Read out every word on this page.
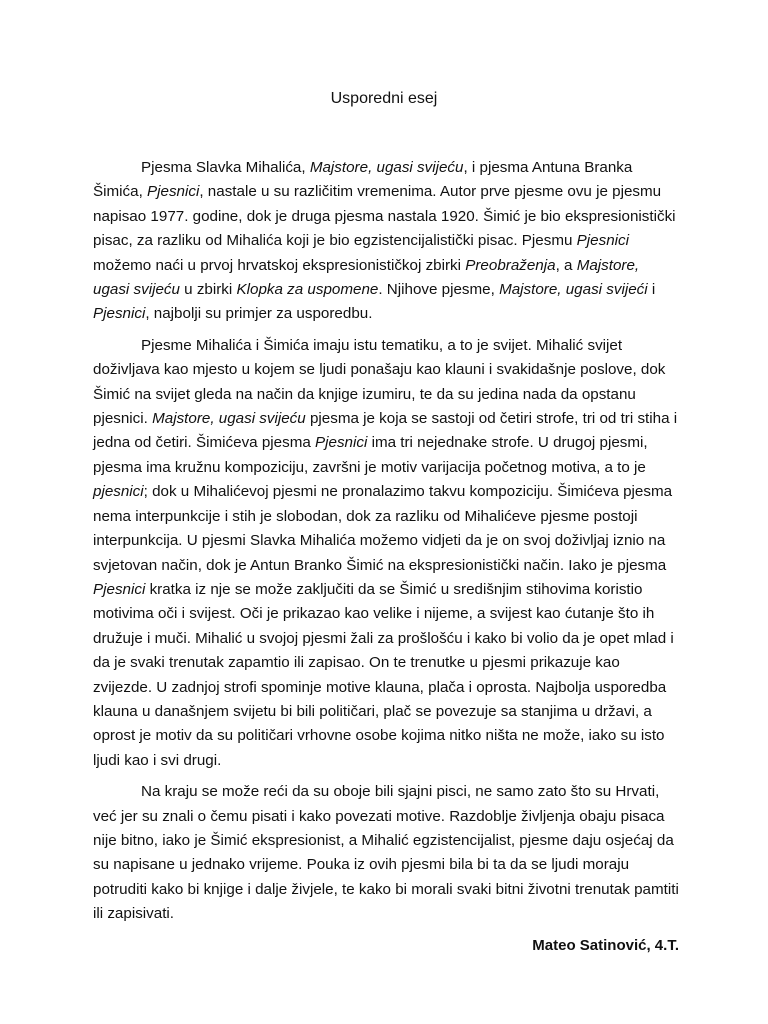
Usporedni esej

Pjesma Slavka Mihalića, Majstore, ugasi svijeću, i pjesma Antuna Branka Šimića, Pjesnici, nastale u su različitim vremenima. Autor prve pjesme ovu je pjesmu napisao 1977. godine, dok je druga pjesma nastala 1920. Šimić je bio ekspresionistički pisac, za razliku od Mihalića koji je bio egzistencijalistički pisac. Pjesmu Pjesnici možemo naći u prvoj hrvatskoj ekspresionističkoj zbirki Preobraženja, a Majstore, ugasi svijeću u zbirki Klopka za uspomene. Njihove pjesme, Majstore, ugasi svijeći i Pjesnici, najbolji su primjer za usporedbu.

Pjesme Mihalića i Šimića imaju istu tematiku, a to je svijet. Mihalić svijet doživljava kao mjesto u kojem se ljudi ponašaju kao klauni i svakidašnje poslove, dok Šimić na svijet gleda na način da knjige izumiru, te da su jedina nada da opstanu pjesnici. Majstore, ugasi svijeću pjesma je koja se sastoji od četiri strofe, tri od tri stiha i jedna od četiri. Šimićeva pjesma Pjesnici ima tri nejednake strofe. U drugoj pjesmi, pjesma ima kružnu kompoziciju, završni je motiv varijacija početnog motiva, a to je pjesnici; dok u Mihalićevoj pjesmi ne pronalazimo takvu kompoziciju. Šimićeva pjesma nema interpunkcije i stih je slobodan, dok za razliku od Mihalićeve pjesme postoji interpunkcija. U pjesmi Slavka Mihalića možemo vidjeti da je on svoj doživljaj iznio na svjetovan način, dok je Antun Branko Šimić na ekspresionistički način. Iako je pjesma Pjesnici kratka iz nje se može zaključiti da se Šimić u središnjim stihovima koristio motivima oči i svijest. Oči je prikazao kao velike i nijeme, a svijest kao ćutanje što ih družuje i muči. Mihalić u svojoj pjesmi žali za prošlošću i kako bi volio da je opet mlad i da je svaki trenutak zapamtio ili zapisao. On te trenutke u pjesmi prikazuje kao zvijezde. U zadnjoj strofi spominje motive klauna, plača i oprosta. Najbolja usporedba klauna u današnjem svijetu bi bili političari, plač se povezuje sa stanjima u državi, a oprost je motiv da su političari vrhovne osobe kojima nitko ništa ne može, iako su isto ljudi kao i svi drugi.

Na kraju se može reći da su oboje bili sjajni pisci, ne samo zato što su Hrvati, već jer su znali o čemu pisati i kako povezati motive. Razdoblje življenja obaju pisaca nije bitno, iako je Šimić ekspresionist, a Mihalić egzistencijalist, pjesme daju osjećaj da su napisane u jednako vrijeme. Pouka iz ovih pjesmi bila bi ta da se ljudi moraju potruditi kako bi knjige i dalje živjele, te kako bi morali svaki bitni životni trenutak pamtiti ili zapisivati.

Mateo Satinović, 4.T.
